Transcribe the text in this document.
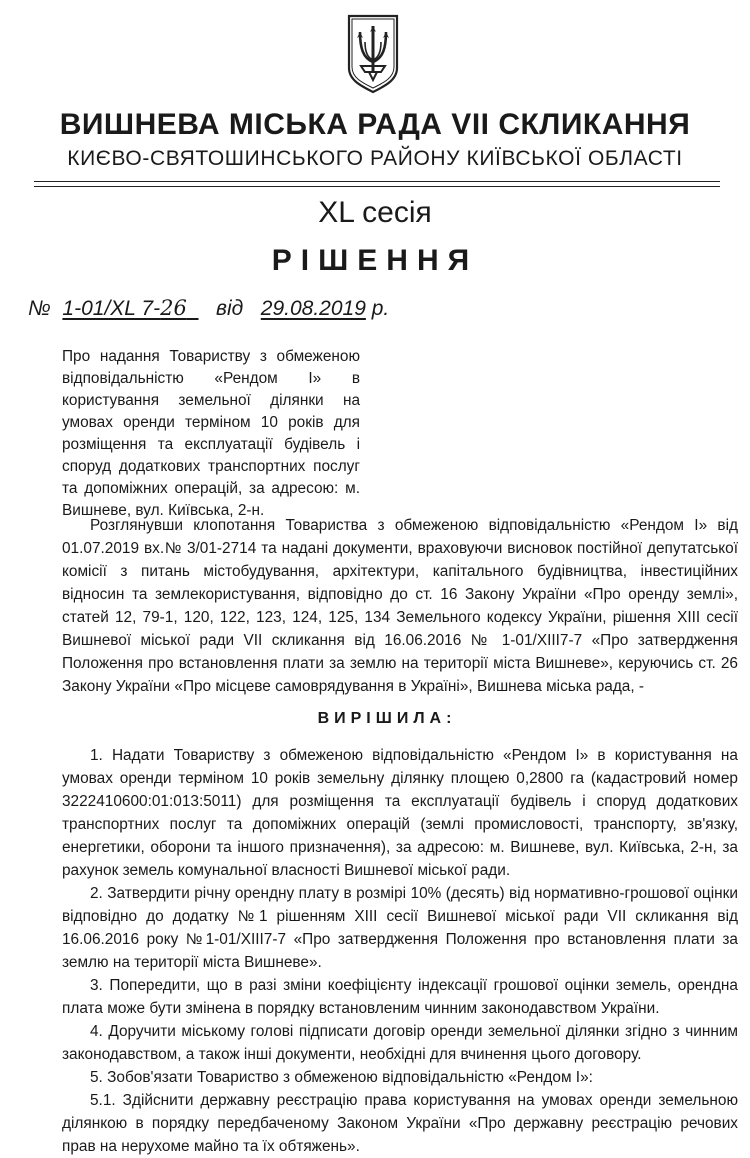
ВИШНЕВА МІСЬКА РАДА VII СКЛИКАННЯ
КИЄВО-СВЯТОШИНСЬКОГО РАЙОНУ КИЇВСЬКОЇ ОБЛАСТІ
XL сесія
РІШЕННЯ
№ 1-01/XL 7-26 від 29.08.2019 р.
Про надання Товариству з обмеженою відповідальністю «Рендом І» в користування земельної ділянки на умовах оренди терміном 10 років для розміщення та експлуатації будівель і споруд додаткових транспортних послуг та допоміжних операцій, за адресою: м. Вишневе, вул. Київська, 2-н.

Розглянувши клопотання Товариства з обмеженою відповідальністю «Рендом І» від 01.07.2019 вх.№ 3/01-2714 та надані документи, враховуючи висновок постійної депутатської комісії з питань містобудування, архітектури, капітального будівництва, інвестиційних відносин та землекористування, відповідно до ст. 16 Закону України «Про оренду землі», статей 12, 79-1, 120, 122, 123, 124, 125, 134 Земельного кодексу України, рішення ХІІІ сесії Вишневої міської ради VII скликання від 16.06.2016 № 1-01/ХІІІ7-7 «Про затвердження Положення про встановлення плати за землю на території міста Вишневе», керуючись ст. 26 Закону України «Про місцеве самоврядування в Україні», Вишнева міська рада, -

ВИРІШИЛА:

1. Надати Товариству з обмеженою відповідальністю «Рендом І» в користування на умовах оренди терміном 10 років земельну ділянку площею 0,2800 га (кадастровий номер 3222410600:01:013:5011) для розміщення та експлуатації будівель і споруд додаткових транспортних послуг та допоміжних операцій (землі промисловості, транспорту, зв'язку, енергетики, оборони та іншого призначення), за адресою: м. Вишневе, вул. Київська, 2-н, за рахунок земель комунальної власності Вишневої міської ради.

2. Затвердити річну орендну плату в розмірі 10% (десять) від нормативно-грошової оцінки відповідно до додатку №1 рішенням ХІІІ сесії Вишневої міської ради VII скликання від 16.06.2016 року №1-01/ХІІІ7-7 «Про затвердження Положення про встановлення плати за землю на території міста Вишневе».

3. Попередити, що в разі зміни коефіцієнту індексації грошової оцінки земель, орендна плата може бути змінена в порядку встановленим чинним законодавством України.

4. Доручити міському голові підписати договір оренди земельної ділянки згідно з чинним законодавством, а також інші документи, необхідні для вчинення цього договору.

5. Зобов'язати Товариство з обмеженою відповідальністю «Рендом І»:

5.1. Здійснити державну реєстрацію права користування на умовах оренди земельною ділянкою в порядку передбаченому Законом України «Про державну реєстрацію речових прав на нерухоме майно та їх обтяжень».
